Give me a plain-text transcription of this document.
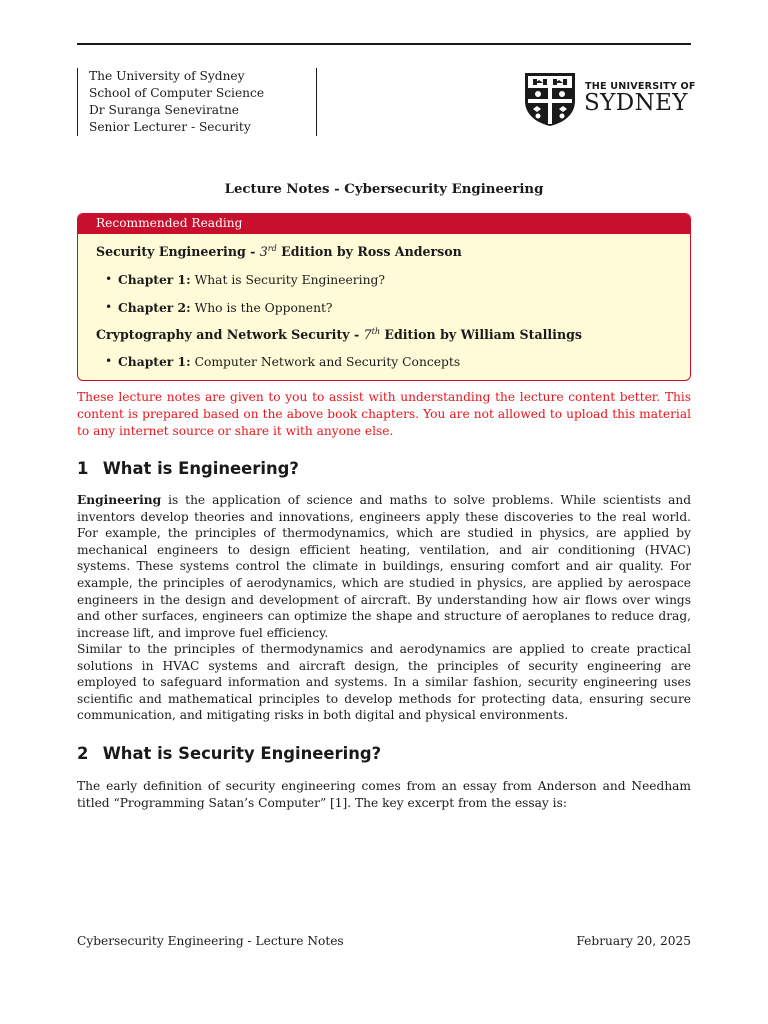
The University of Sydney
School of Computer Science
Dr Suranga Seneviratne
Senior Lecturer - Security
THE UNIVERSITY OF
SYDNEY
Lecture Notes - Cybersecurity Engineering
Recommended Reading
Security Engineering - 3rd Edition by Ross Anderson
• Chapter 1: What is Security Engineering?
• Chapter 2: Who is the Opponent?
Cryptography and Network Security - 7th Edition by William Stallings
• Chapter 1: Computer Network and Security Concepts
These lecture notes are given to you to assist with understanding the lecture content better. This content is prepared based on the above book chapters. You are not allowed to upload this material to any internet source or share it with anyone else.
1 What is Engineering?
Engineering is the application of science and maths to solve problems. While scientists and inventors develop theories and innovations, engineers apply these discoveries to the real world. For example, the principles of thermodynamics, which are studied in physics, are applied by mechanical engineers to design efficient heating, ventilation, and air conditioning (HVAC) systems. These systems control the climate in buildings, ensuring comfort and air quality. For example, the principles of aerodynamics, which are studied in physics, are applied by aerospace engineers in the design and development of aircraft. By understanding how air flows over wings and other surfaces, engineers can optimize the shape and structure of aeroplanes to reduce drag, increase lift, and improve fuel efficiency.
Similar to the principles of thermodynamics and aerodynamics are applied to create practical solutions in HVAC systems and aircraft design, the principles of security engineering are employed to safeguard information and systems. In a similar fashion, security engineering uses scientific and mathematical principles to develop methods for protecting data, ensuring secure communication, and mitigating risks in both digital and physical environments.
2 What is Security Engineering?
The early definition of security engineering comes from an essay from Anderson and Needham titled “Programming Satan’s Computer” [1]. The key excerpt from the essay is:
Cybersecurity Engineering - Lecture Notes	February 20, 2025
